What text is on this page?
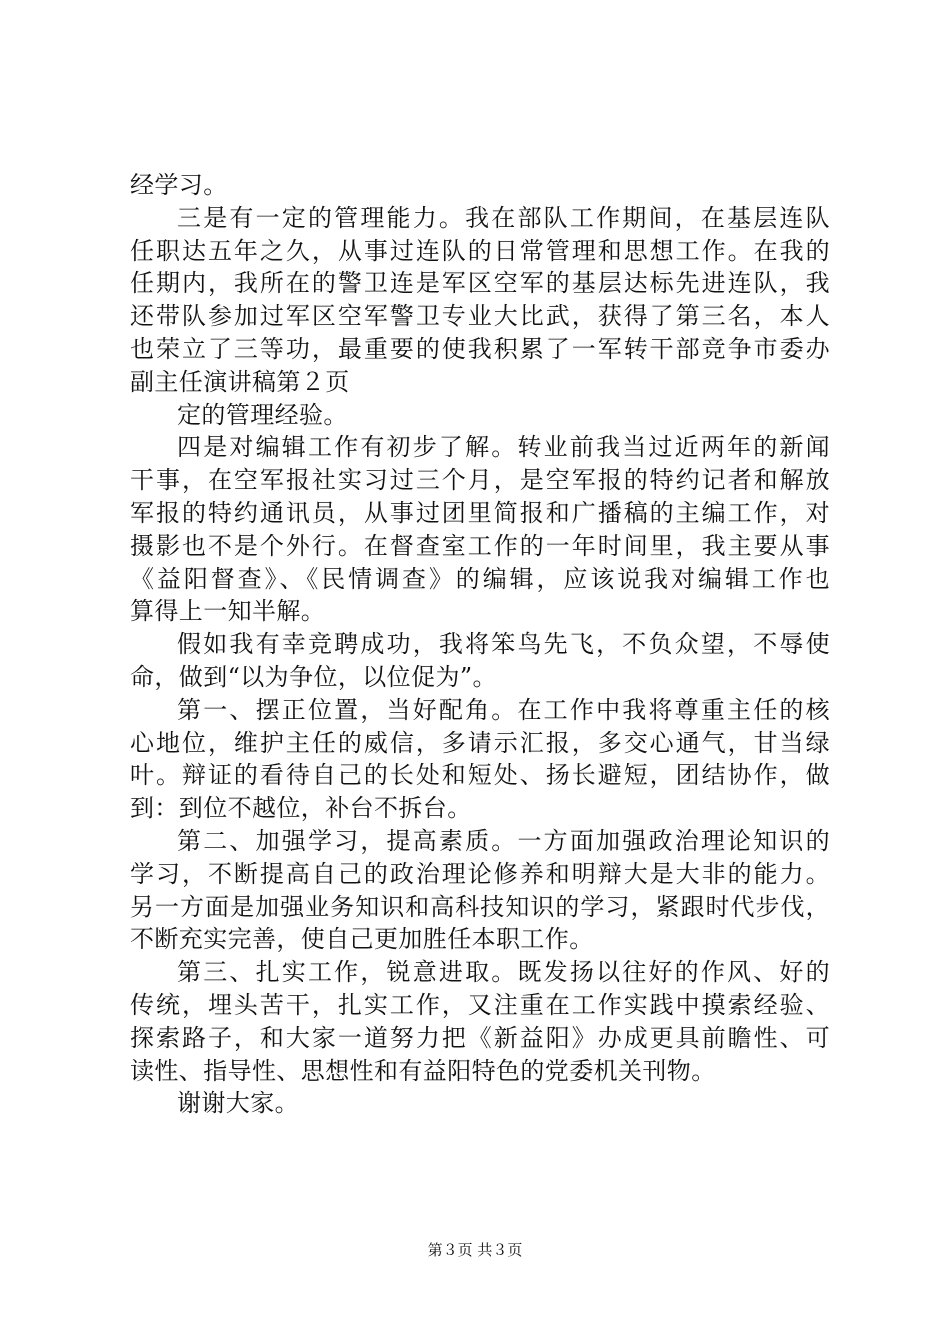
经学习。
三是有一定的管理能力。我在部队工作期间，在基层连队
任职达五年之久，从事过连队的日常管理和思想工作。在我的
任期内，我所在的警卫连是军区空军的基层达标先进连队，我
还带队参加过军区空军警卫专业大比武，获得了第三名，本人
也荣立了三等功，最重要的使我积累了一军转干部竞争市委办
副主任演讲稿第２页
定的管理经验。
四是对编辑工作有初步了解。转业前我当过近两年的新闻
干事，在空军报社实习过三个月，是空军报的特约记者和解放
军报的特约通讯员，从事过团里简报和广播稿的主编工作，对
摄影也不是个外行。在督查室工作的一年时间里，我主要从事
《益阳督查》、《民情调查》的编辑，应该说我对编辑工作也
算得上一知半解。
假如我有幸竞聘成功，我将笨鸟先飞，不负众望，不辱使
命，做到“以为争位，以位促为”。
第一、摆正位置，当好配角。在工作中我将尊重主任的核
心地位，维护主任的威信，多请示汇报，多交心通气，甘当绿
叶。辩证的看待自己的长处和短处、扬长避短，团结协作，做
到：到位不越位，补台不拆台。
第二、加强学习，提高素质。一方面加强政治理论知识的
学习，不断提高自己的政治理论修养和明辩大是大非的能力。
另一方面是加强业务知识和高科技知识的学习，紧跟时代步伐，
不断充实完善，使自己更加胜任本职工作。
第三、扎实工作，锐意进取。既发扬以往好的作风、好的
传统，埋头苦干，扎实工作，又注重在工作实践中摸索经验、
探索路子，和大家一道努力把《新益阳》办成更具前瞻性、可
读性、指导性、思想性和有益阳特色的党委机关刊物。
谢谢大家。
第３页 共３页
